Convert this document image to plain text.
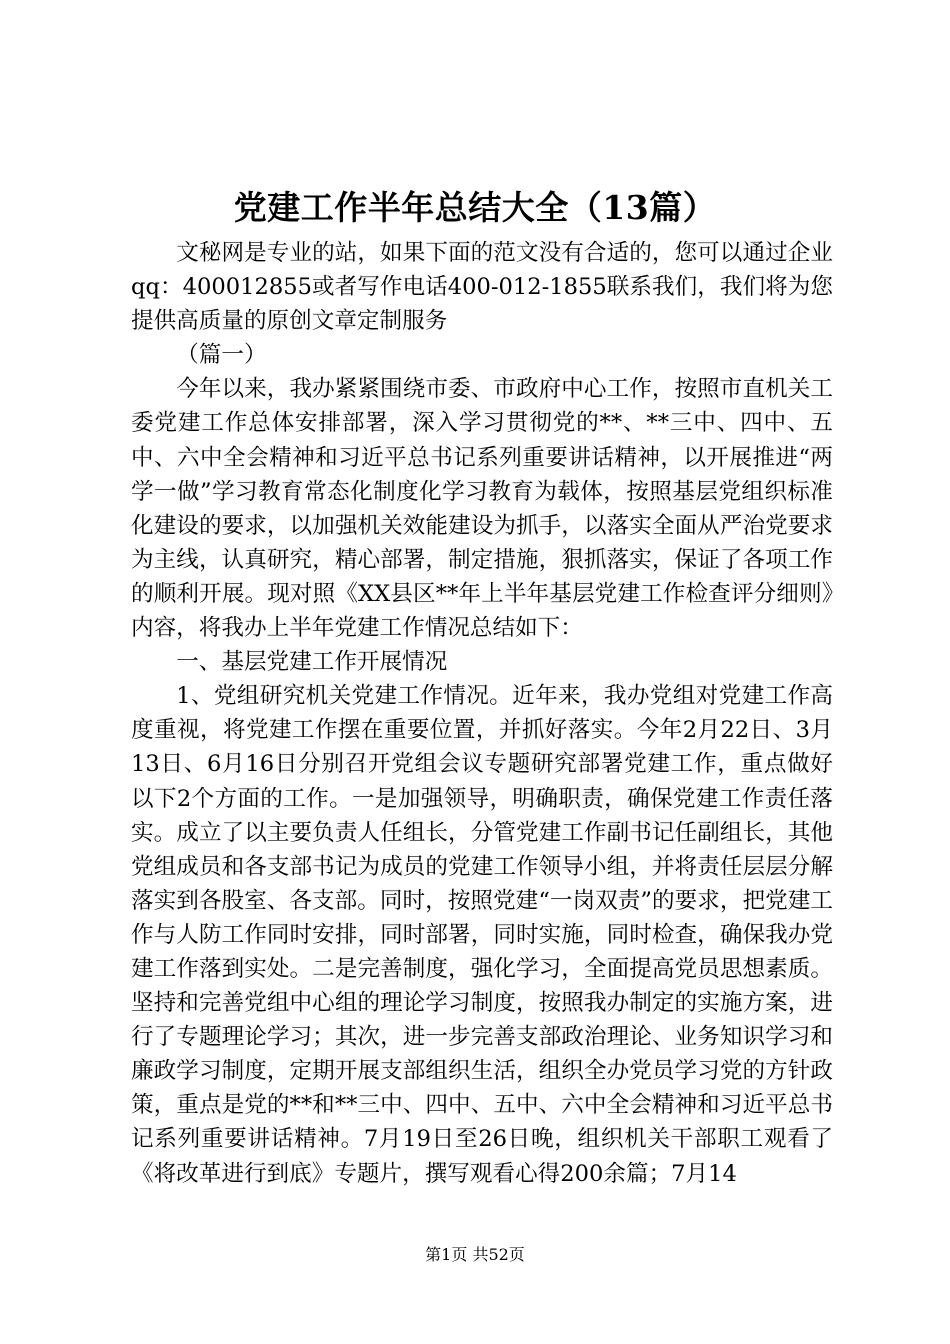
党建工作半年总结大全（13篇）

文秘网是专业的站，如果下面的范文没有合适的，您可以通过企业qq：400012855或者写作电话400-012-1855联系我们，我们将为您提供高质量的原创文章定制服务

（篇一）

今年以来，我办紧紧围绕市委、市政府中心工作，按照市直机关工委党建工作总体安排部署，深入学习贯彻党的**、**三中、四中、五中、六中全会精神和习近平总书记系列重要讲话精神，以开展推进“两学一做”学习教育常态化制度化学习教育为载体，按照基层党组织标准化建设的要求，以加强机关效能建设为抓手，以落实全面从严治党要求为主线，认真研究，精心部署，制定措施，狠抓落实，保证了各项工作的顺利开展。现对照《XX县区**年上半年基层党建工作检查评分细则》内容，将我办上半年党建工作情况总结如下：

一、基层党建工作开展情况

1、党组研究机关党建工作情况。近年来，我办党组对党建工作高度重视，将党建工作摆在重要位置，并抓好落实。今年2月22日、3月13日、6月16日分别召开党组会议专题研究部署党建工作，重点做好以下2个方面的工作。一是加强领导，明确职责，确保党建工作责任落实。成立了以主要负责人任组长，分管党建工作副书记任副组长，其他党组成员和各支部书记为成员的党建工作领导小组，并将责任层层分解落实到各股室、各支部。同时，按照党建“一岗双责”的要求，把党建工作与人防工作同时安排，同时部署，同时实施，同时检查，确保我办党建工作落到实处。二是完善制度，强化学习，全面提高党员思想素质。坚持和完善党组中心组的理论学习制度，按照我办制定的实施方案，进行了专题理论学习；其次，进一步完善支部政治理论、业务知识学习和廉政学习制度，定期开展支部组织生活，组织全办党员学习党的方针政策，重点是党的**和**三中、四中、五中、六中全会精神和习近平总书记系列重要讲话精神。7月19日至26日晚，组织机关干部职工观看了《将改革进行到底》专题片，撰写观看心得200余篇；7月14

第1页 共52页
